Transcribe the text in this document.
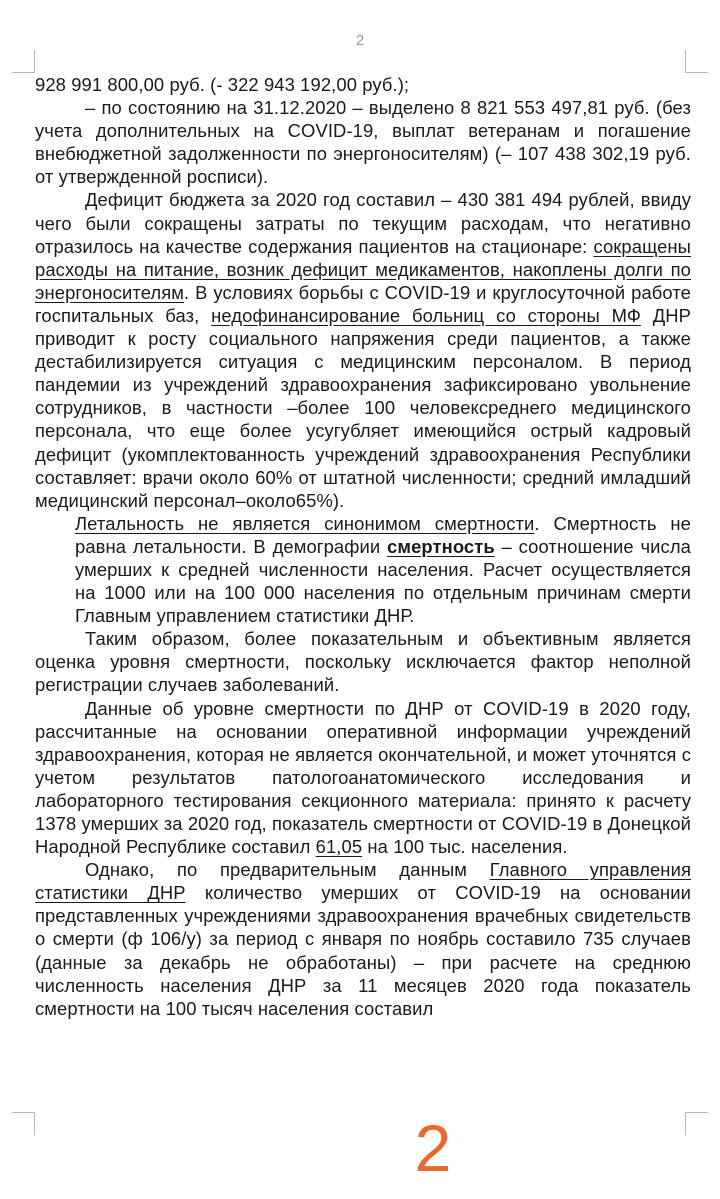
2

928 991 800,00 руб. (- 322 943 192,00 руб.);

– по состоянию на 31.12.2020 – выделено 8 821 553 497,81 руб. (без учета дополнительных на COVID-19, выплат ветеранам и погашение внебюджетной задолженности по энергоносителям) (– 107 438 302,19 руб. от утвержденной росписи).

Дефицит бюджета за 2020 год составил – 430 381 494 рублей, ввиду чего были сокращены затраты по текущим расходам, что негативно отразилось на качестве содержания пациентов на стационаре: сокращены расходы на питание, возник дефицит медикаментов, накоплены долги по энергоносителям. В условиях борьбы с COVID-19 и круглосуточной работе госпитальных баз, недофинансирование больниц со стороны МФ ДНР приводит к росту социального напряжения среди пациентов, а также дестабилизируется ситуация с медицинским персоналом. В период пандемии из учреждений здравоохранения зафиксировано увольнение сотрудников, в частности –более 100 человексреднего медицинского персонала, что еще более усугубляет имеющийся острый кадровый дефицит (укомплектованность учреждений здравоохранения Республики составляет: врачи около 60% от штатной численности; средний имладший медицинский персонал–около65%).

Летальность не является синонимом смертности. Смертность не равна летальности. В демографии смертность – соотношение числа умерших к средней численности населения. Расчет осуществляется на 1000 или на 100 000 населения по отдельным причинам смерти Главным управлением статистики ДНР.

Таким образом, более показательным и объективным является оценка уровня смертности, поскольку исключается фактор неполной регистрации случаев заболеваний.

Данные об уровне смертности по ДНР от COVID-19 в 2020 году, рассчитанные на основании оперативной информации учреждений здравоохранения, которая не является окончательной, и может уточнятся с учетом результатов патологоанатомического исследования и лабораторного тестирования секционного материала: принято к расчету 1378 умерших за 2020 год, показатель смертности от COVID-19 в Донецкой Народной Республике составил 61,05 на 100 тыс. населения.

Однако, по предварительным данным Главного управления статистики ДНР количество умерших от COVID-19 на основании представленных учреждениями здравоохранения врачебных свидетельств о смерти (ф 106/у) за период с января по ноябрь составило 735 случаев (данные за декабрь не обработаны) – при расчете на среднюю численность населения ДНР за 11 месяцев 2020 года показатель смертности на 100 тысяч населения составил

2
